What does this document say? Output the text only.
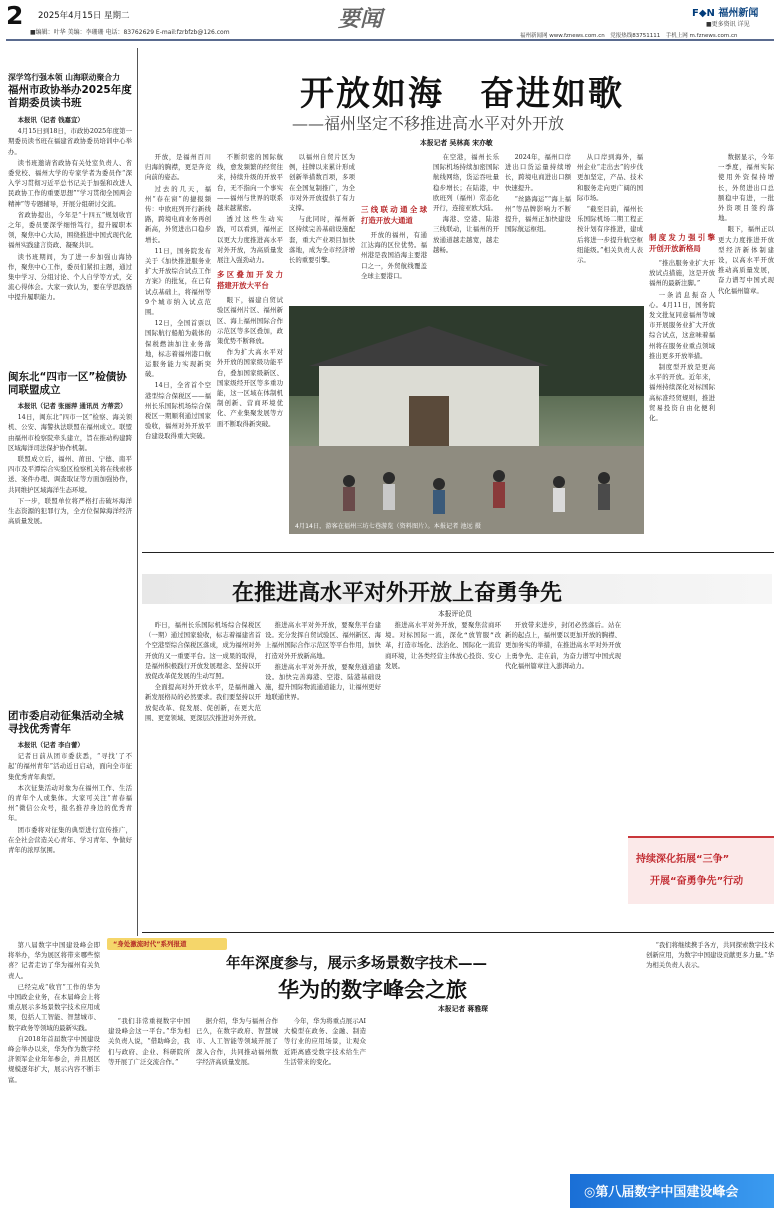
2 2025年4月15日 星期二	要闻	F◆N 福州新闻
■更多资讯 详见
■编辑：叶华 美编：李珊珊 电话：83762629 E-mail:fzrbfzb@126.com	福州新闻网 www.fznews.com.cn　党报热线83751111　手机上网 m.fznews.com.cn
深学笃行强本领 山海联动聚合力
福州市政协举办2025年度首期委员读书班

本报讯（记者 钱嘉宜）

4月15日到18日，市政协2025年度第一期委员读书班在福建省政协委员培训中心举办。

读书班邀请省政协有关处室负责人、省委党校、福州大学的专家学者为委员作“深入学习贯彻习近平总书记关于加强和改进人民政协工作的重要思想”“学习贯彻全国两会精神”等专题辅导，开展分组研讨交流。

省政协提出，今年是“十四五”规划收官之年，委员要深学细悟笃行，提升履职本领，聚焦中心大局，围绕推进中国式现代化福州实践建言资政、凝聚共识。

读书班期间，为了进一步加强山海协作，聚焦中心工作，委员们紧扣主题，通过集中学习、分组讨论、个人自学等方式，交流心得体会。大家一致认为，要在学思践悟中提升履职能力。

闽东北“四市一区”检债协同联盟成立

本报讯（记者 张丽萍 通讯员 方蒂芸）

14日，闽东北“四市一区”检察、海关领机、公安、海警执法联盟在福州成立。联盟由福州市检察院牵头建立，旨在推动构建跨区域海洋司法保护协作机制。

联盟成立后，福州、莆田、宁德、南平四市及平潭综合实验区检察机关将在线索移送、案件办理、调查取证等方面加强协作，共同维护区域海洋生态环境。

下一步，联盟单位将严格打击破坏海洋生态资源的犯罪行为，全方位保障海洋经济高质量发展。

团市委启动征集活动全城寻找优秀青年

本报讯（记者 李白蕾）

记者日前从团市委获悉，“寻找‘了不起’的福州青年”活动近日启动，面向全市征集优秀青年典型。

本次征集活动对象为在福州工作、生活的青年个人或集体。大家可关注“青春福州”微信公众号，报名推荐身边的优秀青年。

团市委将对征集的典型进行宣传推广，在全社会营造关心青年、学习青年、争做好青年的浓厚氛围。

开放如海　奋进如歌
——福州坚定不移推进高水平对外开放
本报记者 吴林高 宋亦敏

开放，是福州百川归海的胸襟，更是奔竞向前的姿态。

过去的几天，福州“春在窗”的捷报频传：中欧班列开行新线路，跨境电商业务再创新高，外贸进出口稳步增长。

11日，国务院发布关于《加快推进服务业扩大开放综合试点工作方案》的批复，在已有试点基础上，将福州等9个城市纳入试点范围。

12日，全国首票以国际航行船舶为载体的保税燃油加注业务落地，标志着福州港口航运服务能力实现新突破。

14日，全省首个空港型综合保税区——福州长乐国际机场综合保税区一期顺利通过国家验收，福州对外开放平台建设取得重大突破。

不断织密的国际航线，愈发频繁的经贸往来，持续升级的开放平台，无不指向一个事实——福州与世界的联系越来越紧密。

透过这些生动实践，可以看到，福州正以更大力度推进高水平对外开放，为高质量发展注入强劲动力。

多区叠加开发力　搭建开放大平台

眼下，福建自贸试验区福州片区、福州新区、海上福州国际合作示范区等多区叠加，政策优势不断释放。

作为扩大高水平对外开放的国家级功能平台，叠加国家级新区、国家级经开区等多重功能，这一区域在体制机制创新、营商环境优化、产业集聚发展等方面不断取得新突破。

以福州自贸片区为例，挂牌以来累计形成创新举措数百项，多项在全国复制推广，为全市对外开放提供了有力支撑。

与此同时，福州新区持续完善基础设施配套，重大产业项目加快落地，成为全市经济增长的重要引擎。

三线联动通全球　打造开放大通道

开放的福州，有通江达海的区位优势。福州港是我国沿海主要港口之一，外贸航线覆盖全球主要港口。

在空港，福州长乐国际机场持续加密国际航线网络，货运吞吐量稳步增长；在陆港，中欧班列（福州）常态化开行，连接亚欧大陆。

海港、空港、陆港三线联动，让福州的开放通道越走越宽，越走越畅。

2024年，福州口岸进出口货运量持续增长，跨境电商进出口额快速提升。

“丝路海运”“海上福州”等品牌影响力不断提升，福州正加快建设国际航运枢纽。

4月14日，游客在福州三坊七巷游览（资料图片）。本报记者 池远 摄

从口岸到海外，福州企业“走出去”的步伐更加坚定，产品、技术和服务走向更广阔的国际市场。

“截至目前，福州长乐国际机场二期工程正按计划有序推进，建成后将进一步提升航空枢纽能级。”相关负责人表示。

制度发力强引擎　开创开放新格局

“推出服务业扩大开放试点措施，这是开放福州的最新注脚。”

一条消息振奋人心。4月11日，国务院发文批复同意福州等城市开展服务业扩大开放综合试点，这意味着福州将在服务业重点领域推出更多开放举措。

制度型开放是更高水平的开放。近年来，福州持续深化对标国际高标准经贸规则，推进贸易投资自由化便利化。

数据显示，今年一季度，福州实际使用外资保持增长，外贸进出口总额稳中有进，一批外资项目签约落地。

眼下，福州正以更大力度推进开放型经济新体制建设，以高水平开放推动高质量发展，奋力谱写中国式现代化福州篇章。

在推进高水平对外开放上奋勇争先
本报评论员

昨日，福州长乐国际机场综合保税区（一期）通过国家验收，标志着福建省首个空港型综合保税区落成，成为福州对外开放的又一重要平台。这一成果的取得，是福州积极践行开放发展理念、坚持以开放促改革促发展的生动写照。

全面提高对外开放水平，是福州融入新发展格局的必然要求。我们要坚持以开放促改革、促发展、促创新，在更大范围、更宽领域、更深层次推进对外开放。

推进高水平对外开放，要聚焦平台建设。充分发挥自贸试验区、福州新区、海上福州国际合作示范区等平台作用，加快打造对外开放新高地。

推进高水平对外开放，要聚焦通道建设。加快完善海港、空港、陆港基础设施，提升国际物流通道能力，让福州更好地联通世界。

推进高水平对外开放，要聚焦营商环境。对标国际一流，深化“放管服”改革，打造市场化、法治化、国际化一流营商环境，让各类经营主体放心投资、安心发展。

开放带来进步，封闭必然落后。站在新的起点上，福州要以更加开放的胸襟、更加务实的举措，在推进高水平对外开放上勇争先、走在前，为奋力谱写中国式现代化福州篇章注入澎湃动力。

持续深化拓展“三争”
开展“奋勇争先”行动
“身处激流时代”系列报道
年年深度参与，展示多场景数字技术——
华为的数字峰会之旅
本报记者 蒋雅琛

第八届数字中国建设峰会即将举办，华为展区将带来哪些惊喜？记者走访了华为福州有关负责人。

已经完成“收官”工作的华为中国政企业务，在本届峰会上将重点展示多场景数字技术应用成果，包括人工智能、智慧城市、数字政务等领域的最新实践。

自2018年首届数字中国建设峰会举办以来，华为作为数字经济领军企业年年参会，并且展区规模逐年扩大，展示内容不断丰富。

“我们非常重视数字中国建设峰会这一平台。”华为相关负责人说，“借助峰会，我们与政府、企业、科研院所等开展了广泛交流合作。”

据介绍，华为与福州合作已久，在数字政府、智慧城市、人工智能等领域开展了深入合作，共同推动福州数字经济高质量发展。

今年，华为将重点展示AI大模型在政务、金融、制造等行业的应用场景，让观众近距离感受数字技术给生产生活带来的变化。

“我们将继续携手各方，共同探索数字技术创新应用，为数字中国建设贡献更多力量。”华为相关负责人表示。

◎第八届数字中国建设峰会
